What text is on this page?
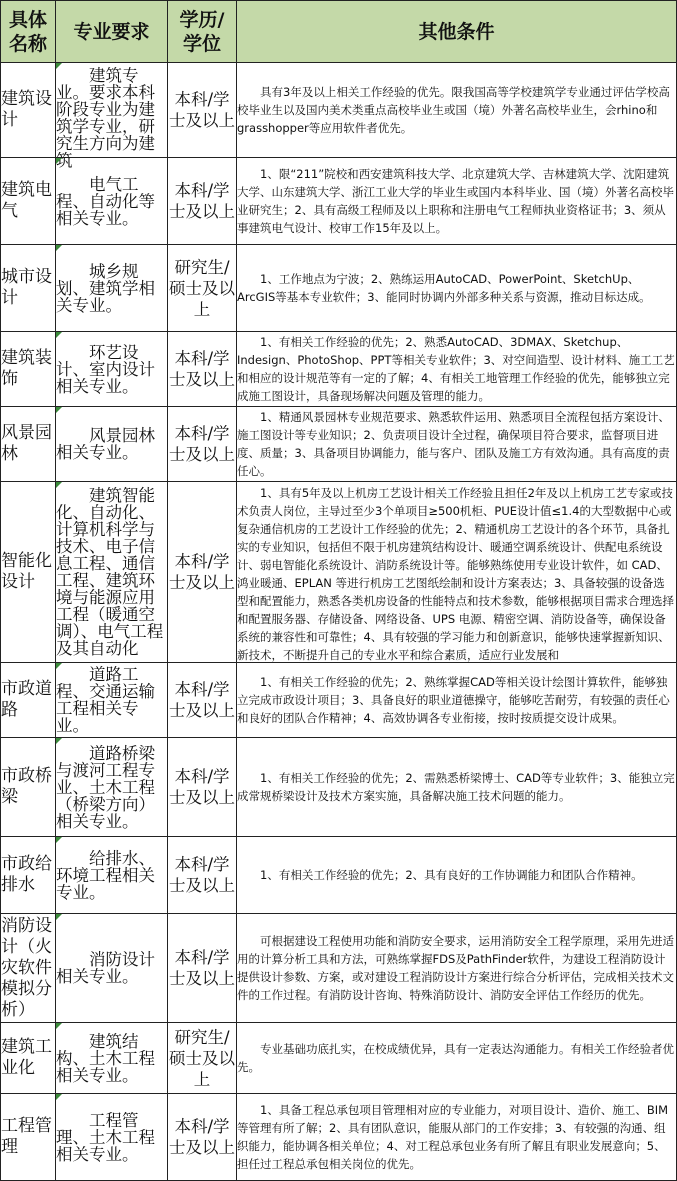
具体名称	专业要求	学历/学位	其他条件
建筑设计	建筑专业。要求本科阶段专业为建筑学专业，研究生方向为建筑	本科/学士及以上	具有3年及以上相关工作经验的优先。限我国高等学校建筑学专业通过评估学校高校毕业生以及国内美术类重点高校毕业生或国（境）外著名高校毕业生，会rhino和grasshopper等应用软件者优先。

建筑电气	电气工程、自动化等相关专业。	本科/学士及以上	1、限“211”院校和西安建筑科技大学、北京建筑大学、吉林建筑大学、沈阳建筑大学、山东建筑大学、浙江工业大学的毕业生或国内本科毕业、国（境）外著名高校毕业研究生；2、具有高级工程师及以上职称和注册电气工程师执业资格证书；3、须从事建筑电气设计、校审工作15年及以上。

城市设计	城乡规划、建筑学相关专业。	研究生/硕士及以上	1、工作地点为宁波；2、熟练运用AutoCAD、PowerPoint、SketchUp、ArcGIS等基本专业软件；3、能同时协调内外部多种关系与资源，推动目标达成。

建筑装饰	环艺设计、室内设计相关专业。	本科/学士及以上	1、有相关工作经验的优先；2、熟悉AutoCAD、3DMAX、Sketchup、Indesign、PhotoShop、PPT等相关专业软件；3、对空间造型、设计材料、施工工艺和相应的设计规范等有一定的了解；4、有相关工地管理工作经验的优先，能够独立完成施工图设计，具备现场解决问题及管理的能力。

风景园林	风景园林相关专业。	本科/学士及以上	1、精通风景园林专业规范要求、熟悉软件运用、熟悉项目全流程包括方案设计、施工图设计等专业知识；2、负责项目设计全过程，确保项目符合要求，监督项目进度、质量；3、具备项目协调能力，能与客户、团队及施工方有效沟通。具有高度的责任心。

智能化设计	建筑智能化、自动化、计算机科学与技术、电子信息工程、通信工程、建筑环境与能源应用工程（暖通空调）、电气工程及其自动化	本科/学士及以上	1、具有5年及以上机房工艺设计相关工作经验且担任2年及以上机房工艺专家或技术负责人岗位，主导过至少3个单项目≥500机柜、PUE设计值≤1.4的大型数据中心或复杂通信机房的工艺设计工作经验的优先；2、精通机房工艺设计的各个环节，具备扎实的专业知识，包括但不限于机房建筑结构设计、暖通空调系统设计、供配电系统设计、弱电智能化系统设计、消防系统设计等。能够熟练使用专业设计软件，如 CAD、鸿业暖通、EPLAN 等进行机房工艺图纸绘制和设计方案表达；3、具备较强的设备选型和配置能力，熟悉各类机房设备的性能特点和技术参数，能够根据项目需求合理选择和配置服务器、存储设备、网络设备、UPS 电源、精密空调、消防设备等，确保设备系统的兼容性和可靠性；4、具有较强的学习能力和创新意识，能够快速掌握新知识、新技术，不断提升自己的专业水平和综合素质，适应行业发展和

市政道路	道路工程、交通运输工程相关专业。	本科/学士及以上	1、有相关工作经验的优先；2、熟练掌握CAD等相关设计绘图计算软件，能够独立完成市政设计项目；3、具备良好的职业道德操守，能够吃苦耐劳，有较强的责任心和良好的团队合作精神；4、高效协调各专业衔接，按时按质提交设计成果。

市政桥梁	道路桥梁与渡河工程专业、土木工程（桥梁方向）相关专业。	本科/学士及以上	1、有相关工作经验的优先；2、需熟悉桥梁博士、CAD等专业软件；3、能独立完成常规桥梁设计及技术方案实施，具备解决施工技术问题的能力。

市政给排水	给排水、环境工程相关专业。	本科/学士及以上	1、有相关工作经验的优先；2、具有良好的工作协调能力和团队合作精神。

消防设计（火灾软件模拟分析）	消防设计相关专业。	本科/学士及以上	可根据建设工程使用功能和消防安全要求，运用消防安全工程学原理，采用先进适用的计算分析工具和方法，可熟练掌握FDS及PathFinder软件，为建设工程消防设计提供设计参数、方案，或对建设工程消防设计方案进行综合分析评估，完成相关技术文件的工作过程。有消防设计咨询、特殊消防设计、消防安全评估工作经历的优先。

建筑工业化	建筑结构、土木工程相关专业。	研究生/硕士及以上	专业基础功底扎实，在校成绩优异，具有一定表达沟通能力。有相关工作经验者优先。

工程管理	工程管理、土木工程相关专业。	本科/学士及以上	1、具备工程总承包项目管理相对应的专业能力，对项目设计、造价、施工、BIM等管理有所了解；2、具有团队意识，能服从部门的工作安排；3、有较强的沟通、组织能力，能协调各相关单位；4、对工程总承包业务有所了解且有职业发展意向；5、担任过工程总承包相关岗位的优先。
